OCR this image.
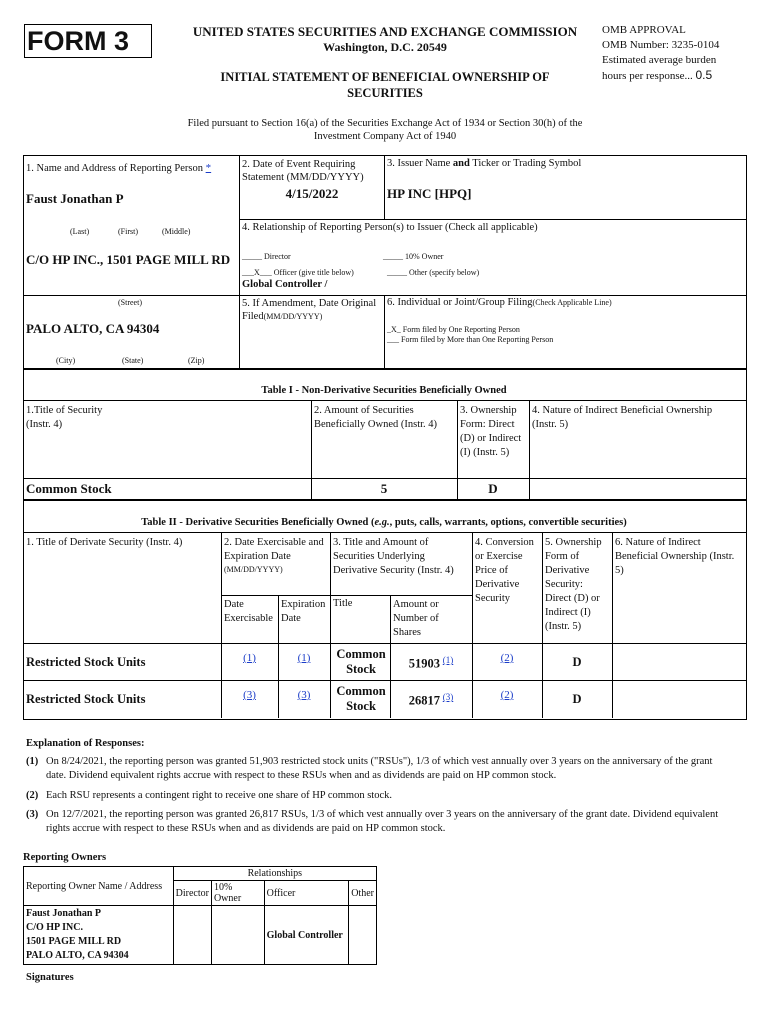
FORM 3	UNITED STATES SECURITIES AND EXCHANGE COMMISSION
Washington, D.C. 20549
INITIAL STATEMENT OF BENEFICIAL OWNERSHIP OF SECURITIES
OMB APPROVAL
OMB Number: 3235-0104
Estimated average burden
hours per response... 0.5
Filed pursuant to Section 16(a) of the Securities Exchange Act of 1934 or Section 30(h) of the
Investment Company Act of 1940
1. Name and Address of Reporting Person *
Faust Jonathan P
(Last)	(First)	(Middle)
C/O HP INC., 1501 PAGE MILL RD
(Street)
PALO ALTO, CA 94304
(City)	(State)	(Zip)
2. Date of Event Requiring Statement (MM/DD/YYYY)
4/15/2022
3. Issuer Name and Ticker or Trading Symbol
HP INC [HPQ]
4. Relationship of Reporting Person(s) to Issuer (Check all applicable)
_____ Director	_____ 10% Owner
___X___ Officer (give title below)	_____ Other (specify below)
Global Controller /
5. If Amendment, Date Original Filed(MM/DD/YYYY)
6. Individual or Joint/Group Filing(Check Applicable Line)
_X_ Form filed by One Reporting Person
___ Form filed by More than One Reporting Person
Table I - Non-Derivative Securities Beneficially Owned
1.Title of Security (Instr. 4)
2. Amount of Securities Beneficially Owned (Instr. 4)
3. Ownership Form: Direct (D) or Indirect (I) (Instr. 5)
4. Nature of Indirect Beneficial Ownership (Instr. 5)
Common Stock	5	D
Table II - Derivative Securities Beneficially Owned (e.g., puts, calls, warrants, options, convertible securities)
1. Title of Derivate Security (Instr. 4)	2. Date Exercisable and Expiration Date
(MM/DD/YYYY)
3. Title and Amount of Securities Underlying Derivative Security (Instr. 4)
4. Conversion or Exercise Price of Derivative Security
5. Ownership Form of Derivative Security: Direct (D) or Indirect (I) (Instr. 5)
6. Nature of Indirect Beneficial Ownership (Instr. 5)
Date Exercisable
Expiration Date
Title	Amount or Number of Shares
Restricted Stock Units	(1)	(1)	Common Stock	51903 $^{(1)}$	(2)	D
Restricted Stock Units	(3)	(3)	Common Stock	26817 $^{(3)}$	(2)	D
Explanation of Responses:
(1) On 8/24/2021, the reporting person was granted 51,903 restricted stock units ("RSUs"), 1/3 of which vest annually over 3 years on the anniversary of the grant date. Dividend equivalent rights accrue with respect to these RSUs when and as dividends are paid on HP common stock.
(2) Each RSU represents a contingent right to receive one share of HP common stock.
(3) On 12/7/2021, the reporting person was granted 26,817 RSUs, 1/3 of which vest annually over 3 years on the anniversary of the grant date. Dividend equivalent rights accrue with respect to these RSUs when and as dividends are paid on HP common stock.
Reporting Owners
Reporting Owner Name / Address	Relationships			
	Director	10% Owner	Officer	Other

Faust Jonathan P
C/O HP INC.
1501 PAGE MILL RD
PALO ALTO, CA 94304			Global Controller	
Signatures
